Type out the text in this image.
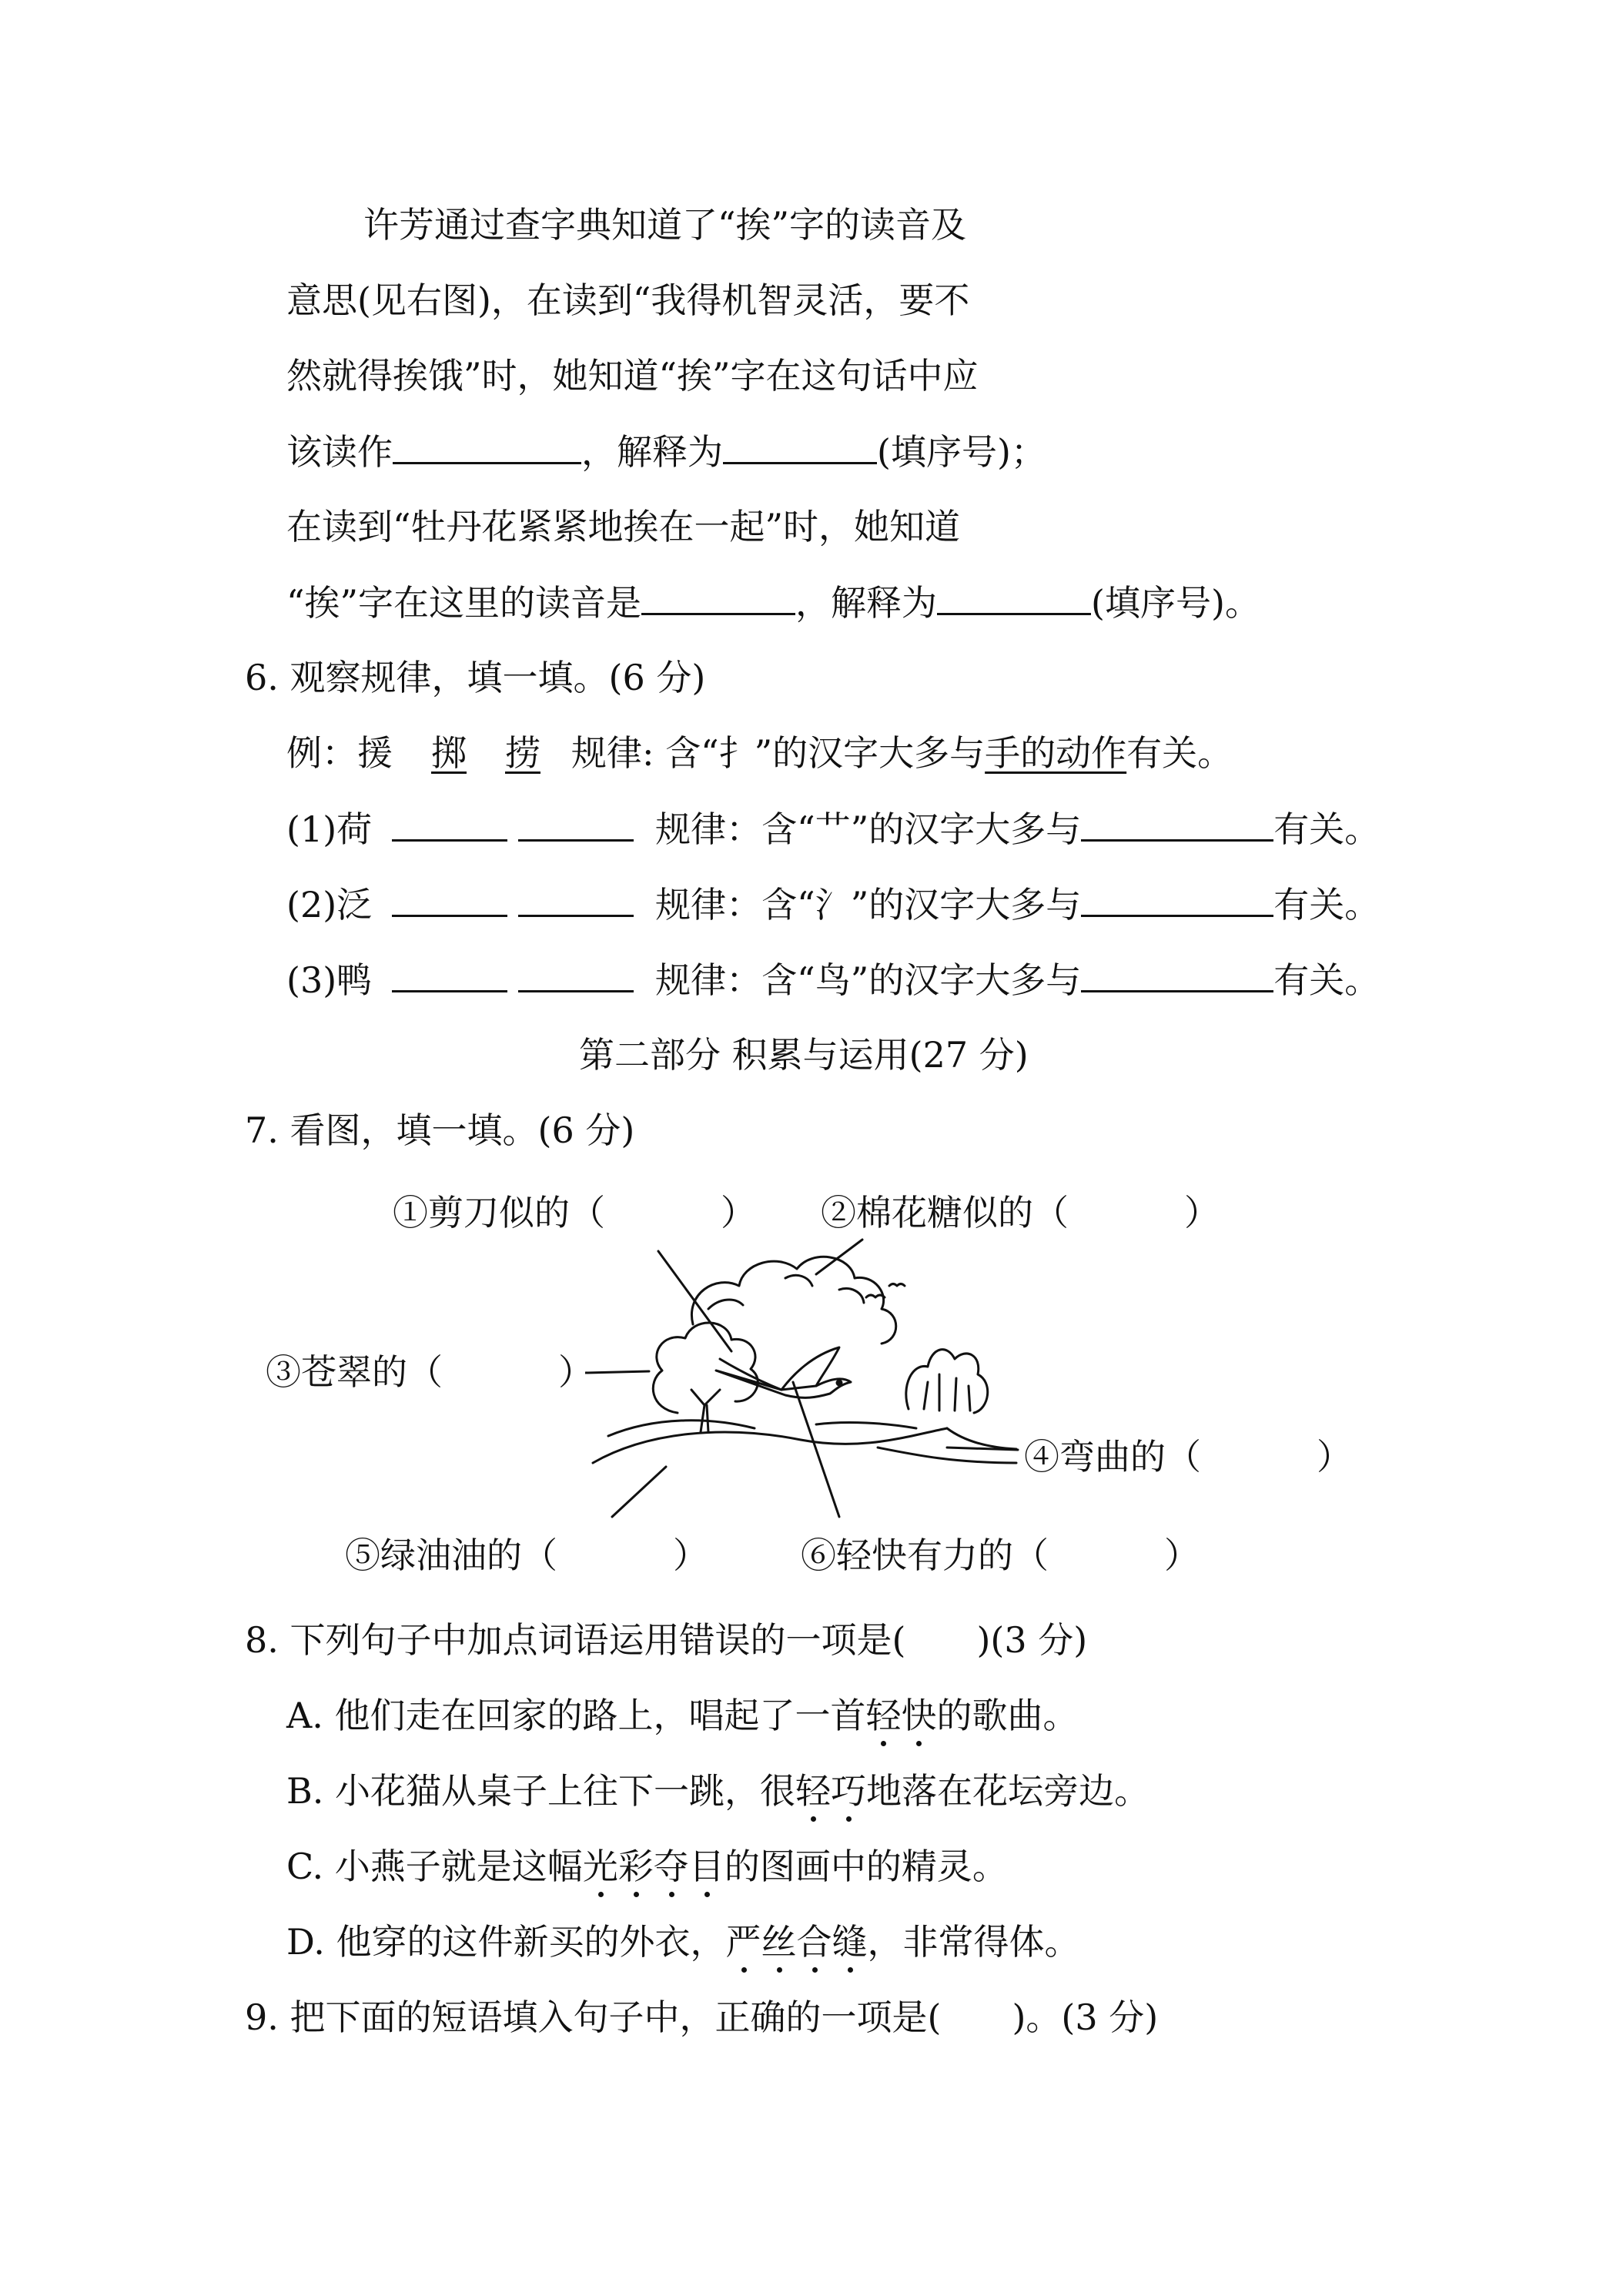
许芳通过查字典知道了“挨”字的读音及
意思(见右图)，在读到“我得机智灵活，要不
然就得挨饿”时，她知道“挨”字在这句话中应
该读作	，解释为	(填序号)；
在读到“牡丹花紧紧地挨在一起”时，她知道
“挨”字在这里的读音是	，解释为	(填序号)。
6. 观察规律，填一填。(6 分)
例：援 掷 捞 规律: 含“扌”的汉字大多与手的动作有关。
(1)荷	规律：含“艹”的汉字大多与	有关。
(2)泛	规律：含“氵”的汉字大多与	有关。
(3)鸭	规律：含“鸟”的汉字大多与	有关。
第二部分 积累与运用(27 分)
7. 看图，填一填。(6 分)
①剪刀似的（	） ②棉花糖似的（	）
③苍翠的（	）
④弯曲的（	）
⑤绿油油的（	）	⑥轻快有力的（	）
8. 下列句子中加点词语运用错误的一项是(　　)(3 分)
A. 他们走在回家的路上，唱起了一首轻快的歌曲。
B. 小花猫从桌子上往下一跳，很轻巧地落在花坛旁边。
C. 小燕子就是这幅光彩夺目的图画中的精灵。
D. 他穿的这件新买的外衣，严丝合缝，非常得体。
9. 把下面的短语填入句子中，正确的一项是(　　)。(3 分)
